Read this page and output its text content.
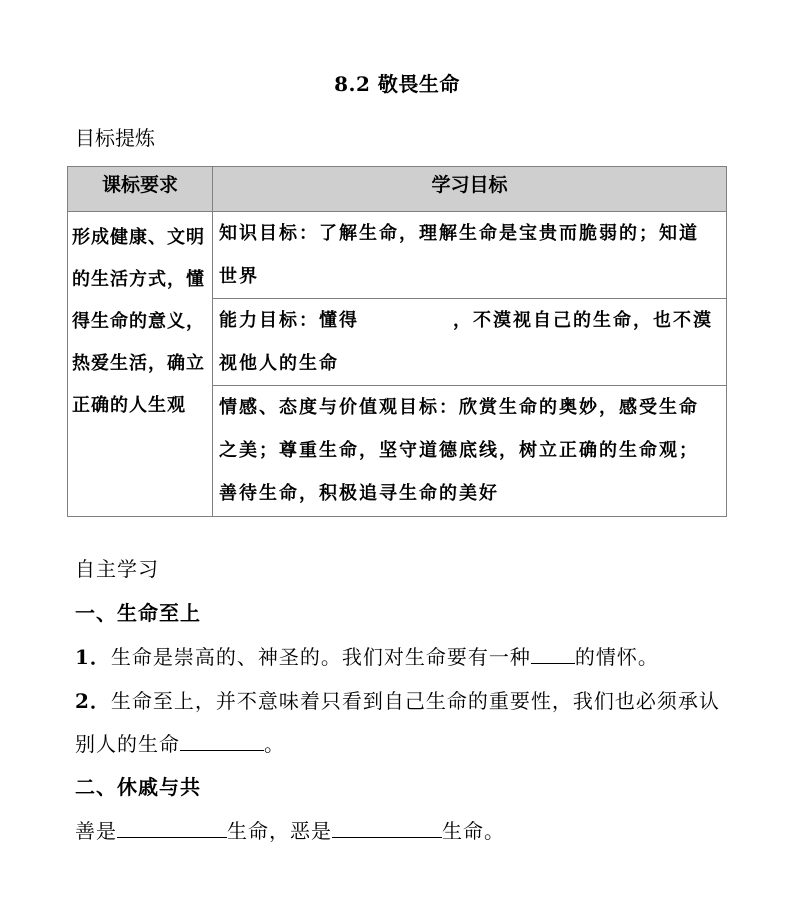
8.2 敬畏生命
目标提炼
课标要求	学习目标
形成健康、文明的生活方式，懂得生命的意义，热爱生活，确立正确的人生观	知识目标：了解生命，理解生命是宝贵而脆弱的；知道世界
	能力目标：懂得 ，不漠视自己的生命，也不漠视他人的生命
	情感、态度与价值观目标：欣赏生命的奥妙，感受生命之美；尊重生命，坚守道德底线，树立正确的生命观；善待生命，积极追寻生命的美好
自主学习
一、生命至上
1．生命是崇高的、神圣的。我们对生命要有一种 的情怀。
2．生命至上，并不意味着只看到自己生命的重要性，我们也必须承认别人的生命	。
二、休戚与共
善是	生命，恶是	生命。
